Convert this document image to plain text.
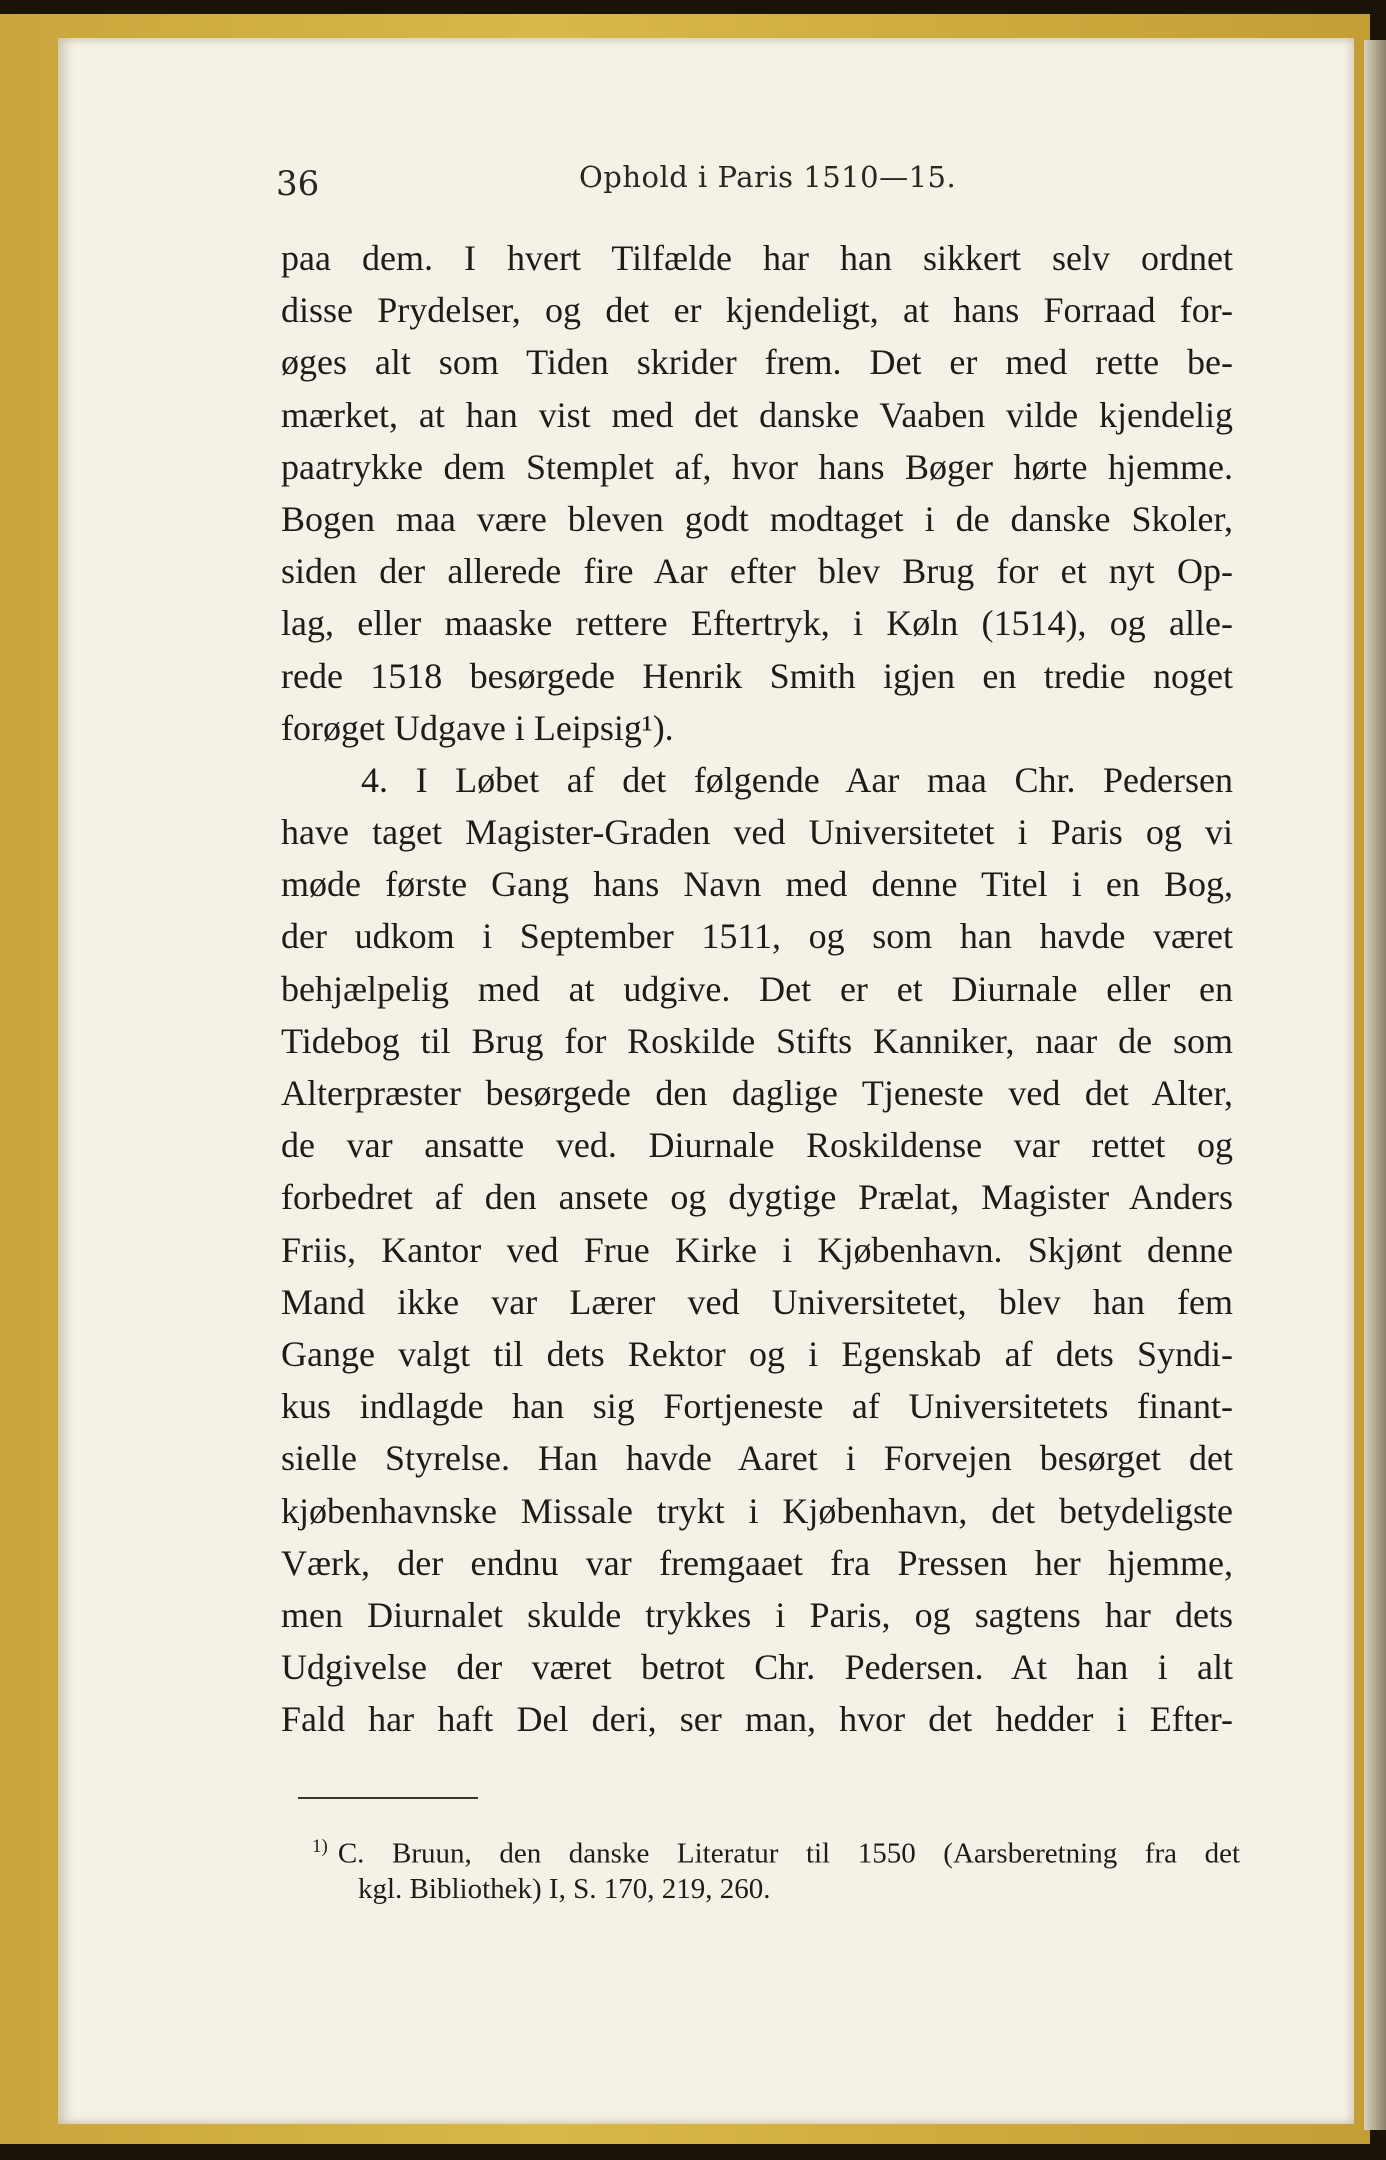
36	Ophold i Paris 1510—15.
paa dem. I hvert Tilfælde har han sikkert selv ordnet
disse Prydelser, og det er kjendeligt, at hans Forraad for-
øges alt som Tiden skrider frem. Det er med rette be-
mærket, at han vist med det danske Vaaben vilde kjendelig
paatrykke dem Stemplet af, hvor hans Bøger hørte hjemme.
Bogen maa være bleven godt modtaget i de danske Skoler,
siden der allerede fire Aar efter blev Brug for et nyt Op-
lag, eller maaske rettere Eftertryk, i Køln (1514), og alle-
rede 1518 besørgede Henrik Smith igjen en tredie noget
forøget Udgave i Leipsig¹).
4. I Løbet af det følgende Aar maa Chr. Pedersen
have taget Magister-Graden ved Universitetet i Paris og vi
møde første Gang hans Navn med denne Titel i en Bog,
der udkom i September 1511, og som han havde været
behjælpelig med at udgive. Det er et Diurnale eller en
Tidebog til Brug for Roskilde Stifts Kanniker, naar de som
Alterpræster besørgede den daglige Tjeneste ved det Alter,
de var ansatte ved. Diurnale Roskildense var rettet og
forbedret af den ansete og dygtige Prælat, Magister Anders
Friis, Kantor ved Frue Kirke i Kjøbenhavn. Skjønt denne
Mand ikke var Lærer ved Universitetet, blev han fem
Gange valgt til dets Rektor og i Egenskab af dets Syndi-
kus indlagde han sig Fortjeneste af Universitetets finant-
sielle Styrelse. Han havde Aaret i Forvejen besørget det
kjøbenhavnske Missale trykt i Kjøbenhavn, det betydeligste
Værk, der endnu var fremgaaet fra Pressen her hjemme,
men Diurnalet skulde trykkes i Paris, og sagtens har dets
Udgivelse der været betrot Chr. Pedersen. At han i alt
Fald har haft Del deri, ser man, hvor det hedder i Efter-
$^{1)}$ C. Bruun, den danske Literatur til 1550 (Aarsberetning fra det
kgl. Bibliothek) I, S. 170, 219, 260.
